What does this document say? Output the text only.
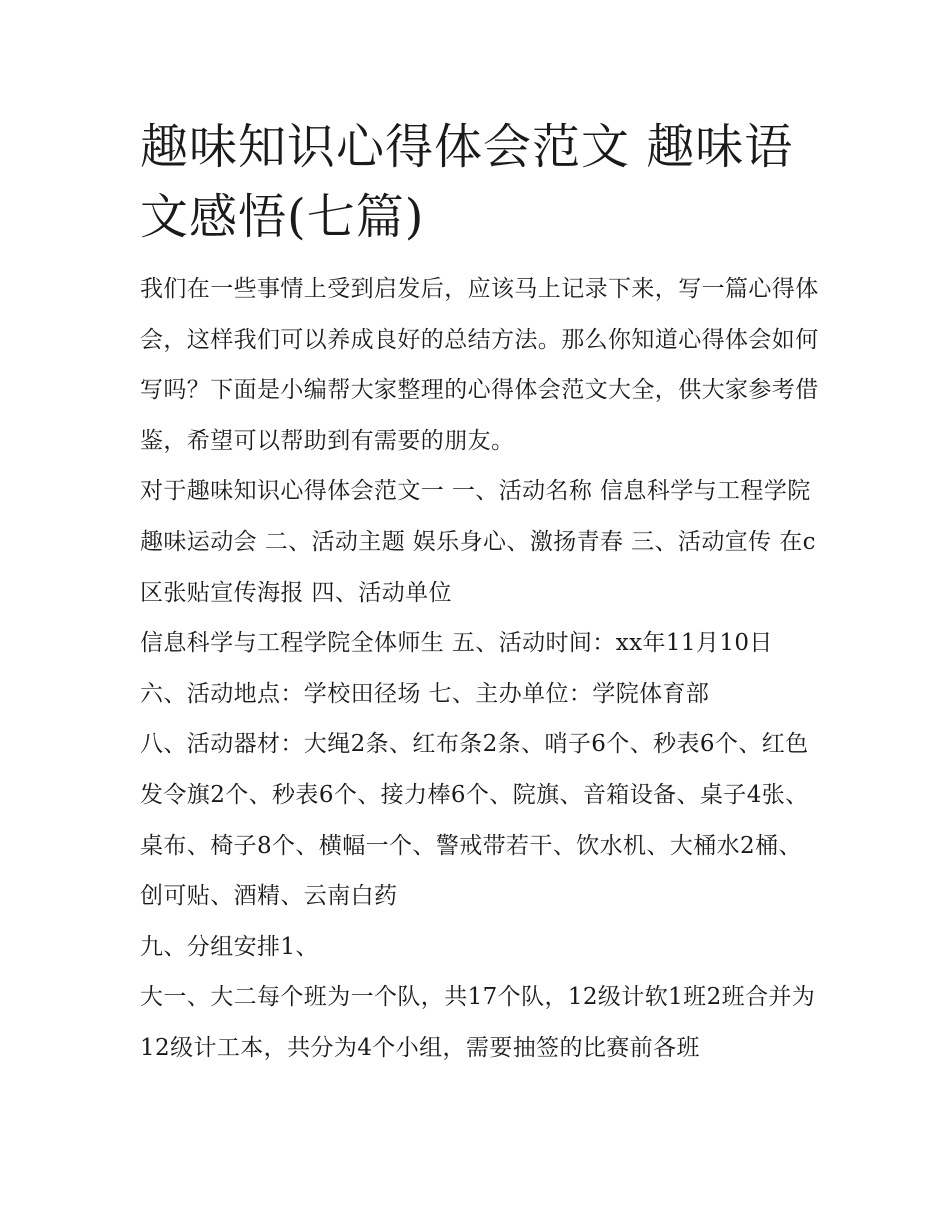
趣味知识心得体会范文 趣味语文感悟(七篇)

我们在一些事情上受到启发后，应该马上记录下来，写一篇心得体会，这样我们可以养成良好的总结方法。那么你知道心得体会如何写吗？下面是小编帮大家整理的心得体会范文大全，供大家参考借鉴，希望可以帮助到有需要的朋友。

对于趣味知识心得体会范文一 一、活动名称 信息科学与工程学院趣味运动会 二、活动主题 娱乐身心、激扬青春 三、活动宣传 在c区张贴宣传海报 四、活动单位

信息科学与工程学院全体师生 五、活动时间：xx年11月10日 六、活动地点：学校田径场 七、主办单位：学院体育部

八、活动器材：大绳2条、红布条2条、哨子6个、秒表6个、红色发令旗2个、秒表6个、接力棒6个、院旗、音箱设备、桌子4张、桌布、椅子8个、横幅一个、警戒带若干、饮水机、大桶水2桶、创可贴、酒精、云南白药

九、分组安排1、

大一、大二每个班为一个队，共17个队，12级计软1班2班合并为12级计工本，共分为4个小组，需要抽签的比赛前各班
